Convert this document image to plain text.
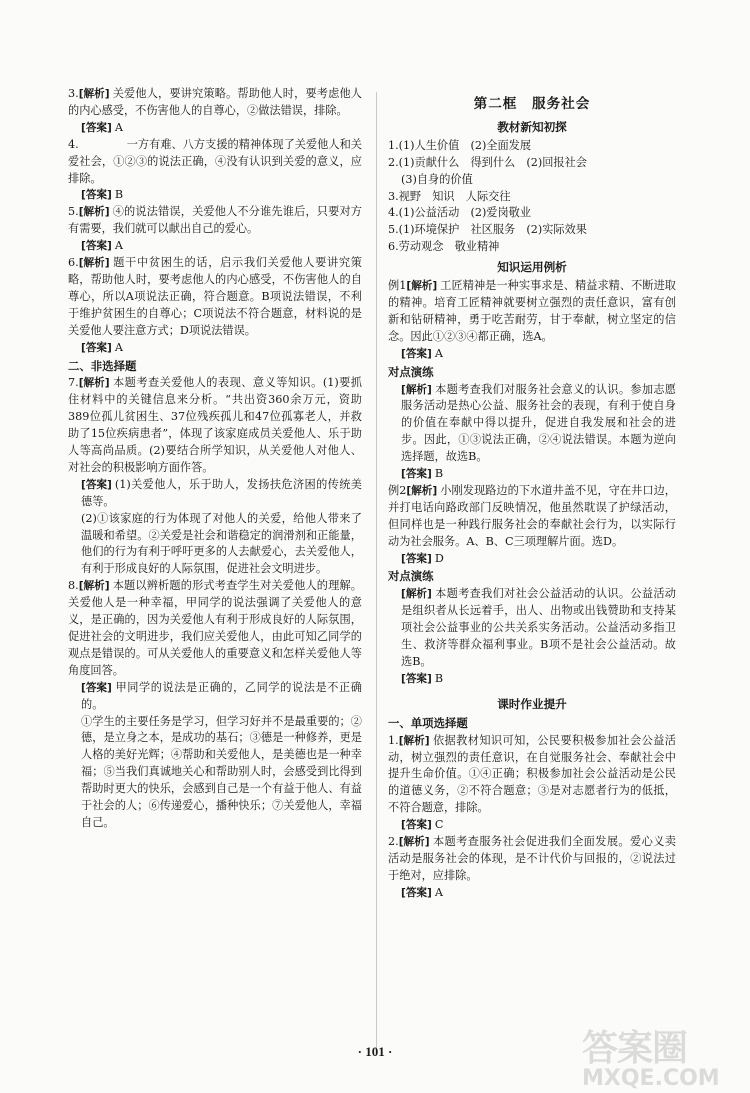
3. [ 解析 ] 关爱他人，要讲究策略。帮助他人时，要考虑他人的内心感受，不伤害他人的自尊心，②做法错误，排除。
[ 答案 ] A
4.	一方有难、八方支援的精神体现了关爱他人和关爱社会，①②③的说法正确，④没有认识到关爱的意义，应排除。
[ 答案 ] B
5. [ 解析 ] ④的说法错误，关爱他人不分谁先谁后，只要对方有需要，我们就可以献出自己的爱心。
[ 答案 ] A
6. [ 解析 ] 题干中贫困生的话，启示我们关爱他人要讲究策略，帮助他人时，要考虑他人的内心感受，不伤害他人的自尊心，所以A项说法正确，符合题意。B项说法错误，不利于维护贫困生的自尊心；C项说法不符合题意，材料说的是关爱他人要注意方式；D项说法错误。
[ 答案 ] A
二、非选择题
7. [ 解析 ] 本题考查关爱他人的表现、意义等知识。(1)要抓住材料中的关键信息来分析。“共出资360余万元，资助389位孤儿贫困生、37位残疾孤儿和47位孤寡老人，并救助了15位疾病患者”，体现了该家庭成员关爱他人、乐于助人等高尚品质。(2)要结合所学知识，从关爱他人对他人、对社会的积极影响方面作答。
[ 答案 ] (1)关爱他人，乐于助人，发扬扶危济困的传统美德等。
(2)①该家庭的行为体现了对他人的关爱，给他人带来了温暖和希望。②关爱是社会和谐稳定的润滑剂和正能量，他们的行为有利于呼吁更多的人去献爱心，去关爱他人，有利于形成良好的人际氛围，促进社会文明进步。
8. [ 解析 ] 本题以辨析题的形式考查学生对关爱他人的理解。关爱他人是一种幸福，甲同学的说法强调了关爱他人的意义，是正确的，因为关爱他人有利于形成良好的人际氛围，促进社会的文明进步，我们应关爱他人，由此可知乙同学的观点是错误的。可从关爱他人的重要意义和怎样关爱他人等角度回答。
[ 答案 ] 甲同学的说法是正确的，乙同学的说法是不正确的。
①学生的主要任务是学习，但学习好并不是最重要的；②德，是立身之本，是成功的基石；③德是一种修养，更是人格的美好光辉；④帮助和关爱他人，是美德也是一种幸福；⑤当我们真诚地关心和帮助别人时，会感受到比得到帮助时更大的快乐，会感到自己是一个有益于他人、有益于社会的人；⑥传递爱心，播种快乐；⑦关爱他人，幸福自己。
第二框　服务社会
教材新知初探
1.(1)人生价值　(2)全面发展
2.(1)贡献什么　得到什么　(2)回报社会
(3)自身的价值
3.视野　知识　人际交往
4.(1)公益活动　(2)爱岗敬业
5.(1)环境保护　社区服务　(2)实际效果
6.劳动观念　敬业精神
知识运用例析
例1 [ 解析 ] 工匠精神是一种实事求是、精益求精、不断进取的精神。培育工匠精神就要树立强烈的责任意识，富有创新和钻研精神，勇于吃苦耐劳，甘于奉献，树立坚定的信念。因此①②③④都正确，选A。
[ 答案 ] A
对点演练
[ 解析 ] 本题考查我们对服务社会意义的认识。参加志愿服务活动是热心公益、服务社会的表现，有利于使自身的价值在奉献中得以提升，促进自我发展和社会的进步。因此，①③说法正确，②④说法错误。本题为逆向选择题，故选B。
[ 答案 ] B
例2 [ 解析 ] 小刚发现路边的下水道井盖不见，守在井口边，并打电话向路政部门反映情况，他虽然耽误了护绿活动，但同样也是一种践行服务社会的奉献社会行为，以实际行动为社会服务。A、B、C三项理解片面。选D。
[ 答案 ] D
对点演练
[ 解析 ] 本题考查我们对社会公益活动的认识。公益活动是组织者从长远着手，出人、出物或出钱赞助和支持某项社会公益事业的公共关系实务活动。公益活动多指卫生、救济等群众福利事业。B项不是社会公益活动。故选B。
[ 答案 ] B
课时作业提升
一、单项选择题
1. [ 解析 ] 依据教材知识可知，公民要积极参加社会公益活动，树立强烈的责任意识，在自觉服务社会、奉献社会中提升生命价值。①④正确；积极参加社会公益活动是公民的道德义务，②不符合题意；③是对志愿者行为的低抵，不符合题意，排除。
[ 答案 ] C
2. [ 解析 ] 本题考查服务社会促进我们全面发展。爱心义卖活动是服务社会的体现，是不计代价与回报的，②说法过于绝对，应排除。
[ 答案 ] A
· 101 ·	答案圈
MXQE.COM
